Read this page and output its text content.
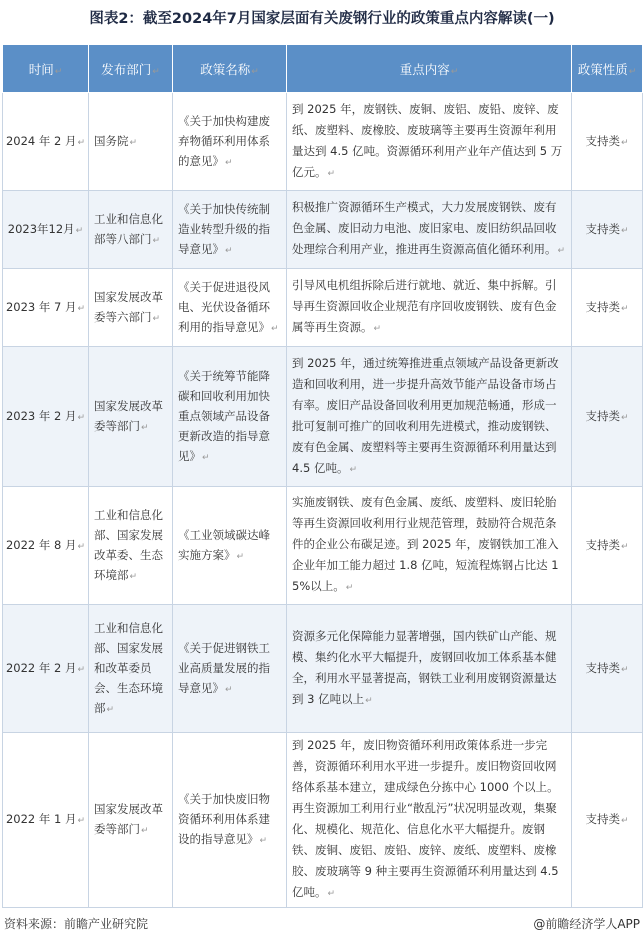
图表2：截至2024年7月国家层面有关废钢行业的政策重点内容解读(一)
时间↵	发布部门↵	政策名称↵	重点内容↵	政策性质↵
2024 年 2 月↵	国务院↵	《关于加快构建废弃物循环利用体系的意见》↵	到 2025 年，废钢铁、废铜、废铝、废铅、废锌、废纸、废塑料、废橡胶、废玻璃等主要再生资源年利用量达到 4.5 亿吨。资源循环利用产业年产值达到 5 万亿元。↵	支持类↵
2023年12月↵	工业和信息化部等八部门↵	《关于加快传统制造业转型升级的指导意见》↵	积极推广资源循环生产模式，大力发展废钢铁、废有色金属、废旧动力电池、废旧家电、废旧纺织品回收处理综合利用产业，推进再生资源高值化循环利用。↵	支持类↵
2023 年 7 月↵	国家发展改革委等六部门↵	《关于促进退役风电、光伏设备循环利用的指导意见》↵	引导风电机组拆除后进行就地、就近、集中拆解。引导再生资源回收企业规范有序回收废钢铁、废有色金属等再生资源。↵	支持类↵
2023 年 2 月↵	国家发展改革委等部门↵	《关于统筹节能降碳和回收利用加快重点领域产品设备更新改造的指导意见》↵	到 2025 年，通过统筹推进重点领域产品设备更新改造和回收利用，进一步提升高效节能产品设备市场占有率。废旧产品设备回收利用更加规范畅通，形成一批可复制可推广的回收利用先进模式，推动废钢铁、废有色金属、废塑料等主要再生资源循环利用量达到 4.5 亿吨。↵	支持类↵
2022 年 8 月↵	工业和信息化部、国家发展改革委、生态环境部↵	《工业领域碳达峰实施方案》↵	实施废钢铁、废有色金属、废纸、废塑料、废旧轮胎等再生资源回收利用行业规范管理，鼓励符合规范条件的企业公布碳足迹。到 2025 年，废钢铁加工准入企业年加工能力超过 1.8 亿吨，短流程炼钢占比达 15%以上。↵	支持类↵
2022 年 2 月↵	工业和信息化部、国家发展和改革委员会、生态环境部↵	《关于促进钢铁工业高质量发展的指导意见》↵	资源多元化保障能力显著增强，国内铁矿山产能、规模、集约化水平大幅提升，废钢回收加工体系基本健全，利用水平显著提高，钢铁工业利用废钢资源量达到 3 亿吨以上↵	支持类↵
2022 年 1 月↵	国家发展改革委等部门↵	《关于加快废旧物资循环利用体系建设的指导意见》↵	到 2025 年，废旧物资循环利用政策体系进一步完善，资源循环利用水平进一步提升。废旧物资回收网络体系基本建立，建成绿色分拣中心 1000 个以上。再生资源加工利用行业“散乱污”状况明显改观，集聚化、规模化、规范化、信息化水平大幅提升。废钢铁、废铜、废铝、废铅、废锌、废纸、废塑料、废橡胶、废玻璃等 9 种主要再生资源循环利用量达到 4.5 亿吨。↵	支持类↵
资料来源：前瞻产业研究院	@前瞻经济学人APP
